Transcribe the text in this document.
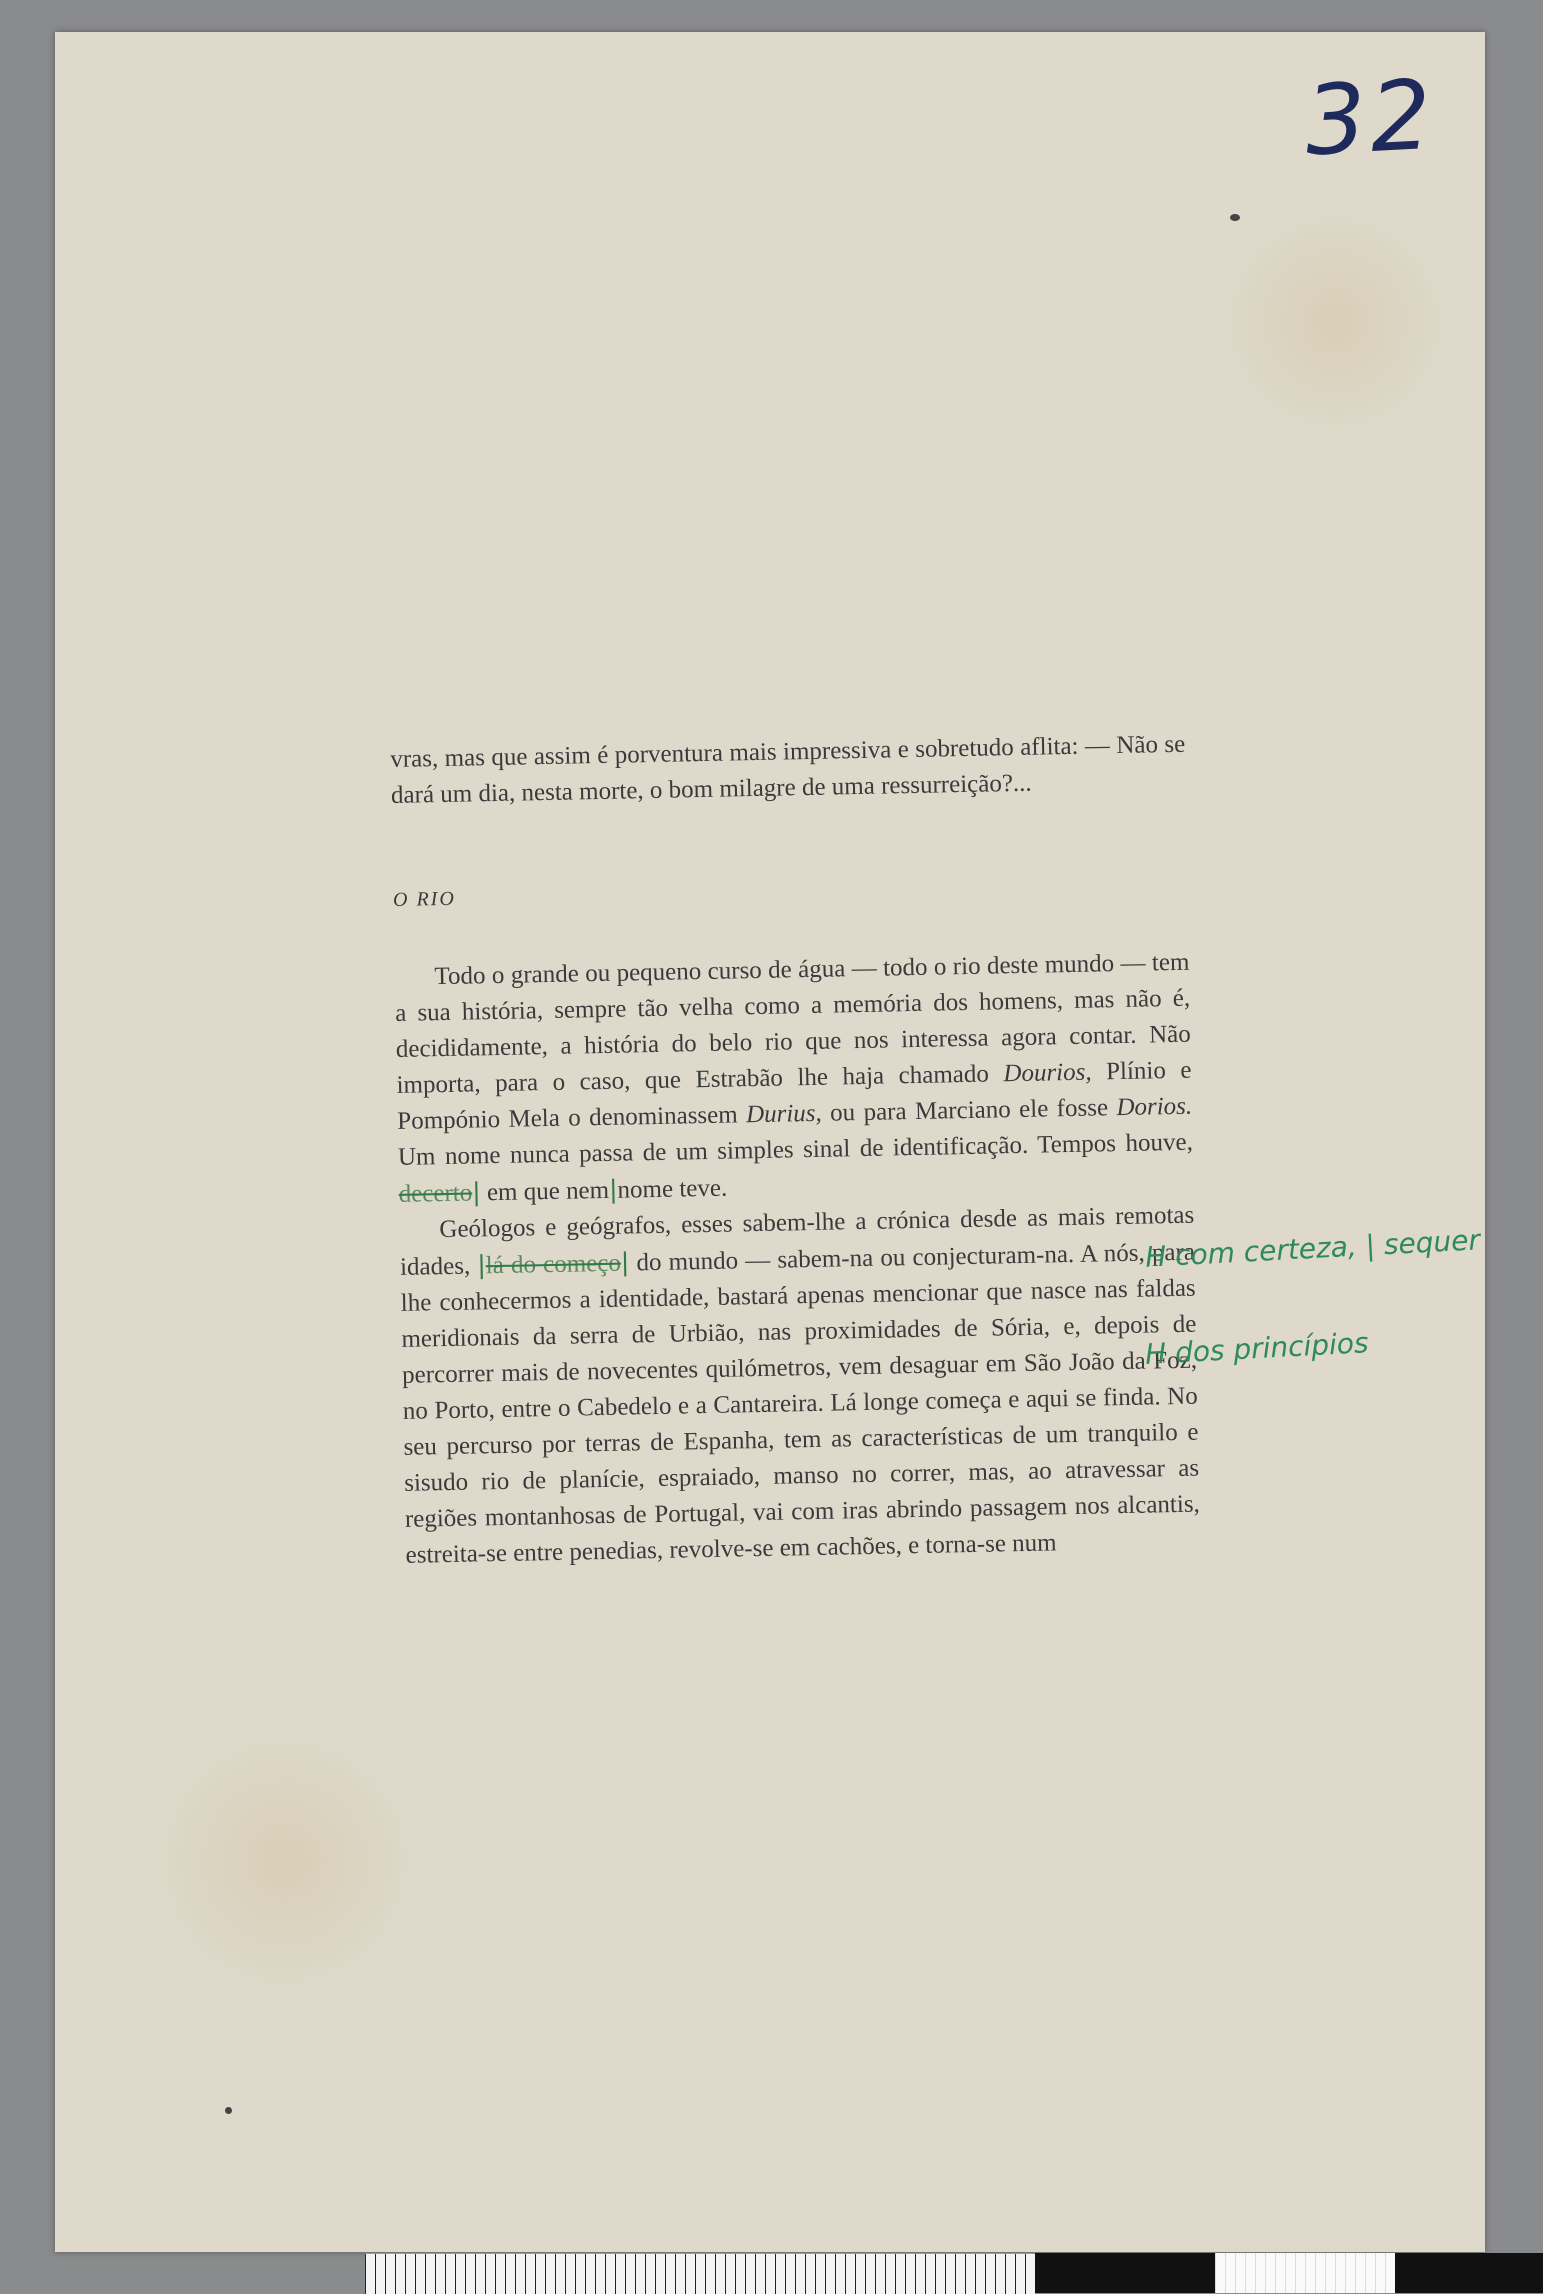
32

vras, mas que assim é porventura mais impressiva e sobretudo aflita: — Não se dará um dia, nesta morte, o bom milagre de uma ressurreição?...

O RIO

Todo o grande ou pequeno curso de água — todo o rio deste mundo — tem a sua história, sempre tão velha como a memória dos homens, mas não é, decididamente, a história do belo rio que nos interessa agora contar. Não importa, para o caso, que Estrabão lhe haja chamado Dourios, Plínio e Pompónio Mela o denominassem Durius, ou para Marciano ele fosse Dorios. Um nome nunca passa de um simples sinal de identificação. Tempos houve, decerto| em que nem|nome teve.

Geólogos e geógrafos, esses sabem-lhe a crónica desde as mais remotas idades, |lá do começo| do mundo — sabem-na ou conjecturam-na. A nós, para lhe conhecermos a identidade, bastará apenas mencionar que nasce nas faldas meridionais da serra de Urbião, nas proximidades de Sória, e, depois de percorrer mais de novecentes quilómetros, vem desaguar em São João da Foz, no Porto, entre o Cabedelo e a Cantareira. Lá longe começa e aqui se finda. No seu percurso por terras de Espanha, tem as características de um tranquilo e sisudo rio de planície, espraiado, manso no correr, mas, ao atravessar as regiões montanhosas de Portugal, vai com iras abrindo passagem nos alcantis, estreita-se entre penedias, revolve-se em cachões, e torna-se num

H com certeza, | sequer
H dos princípios
